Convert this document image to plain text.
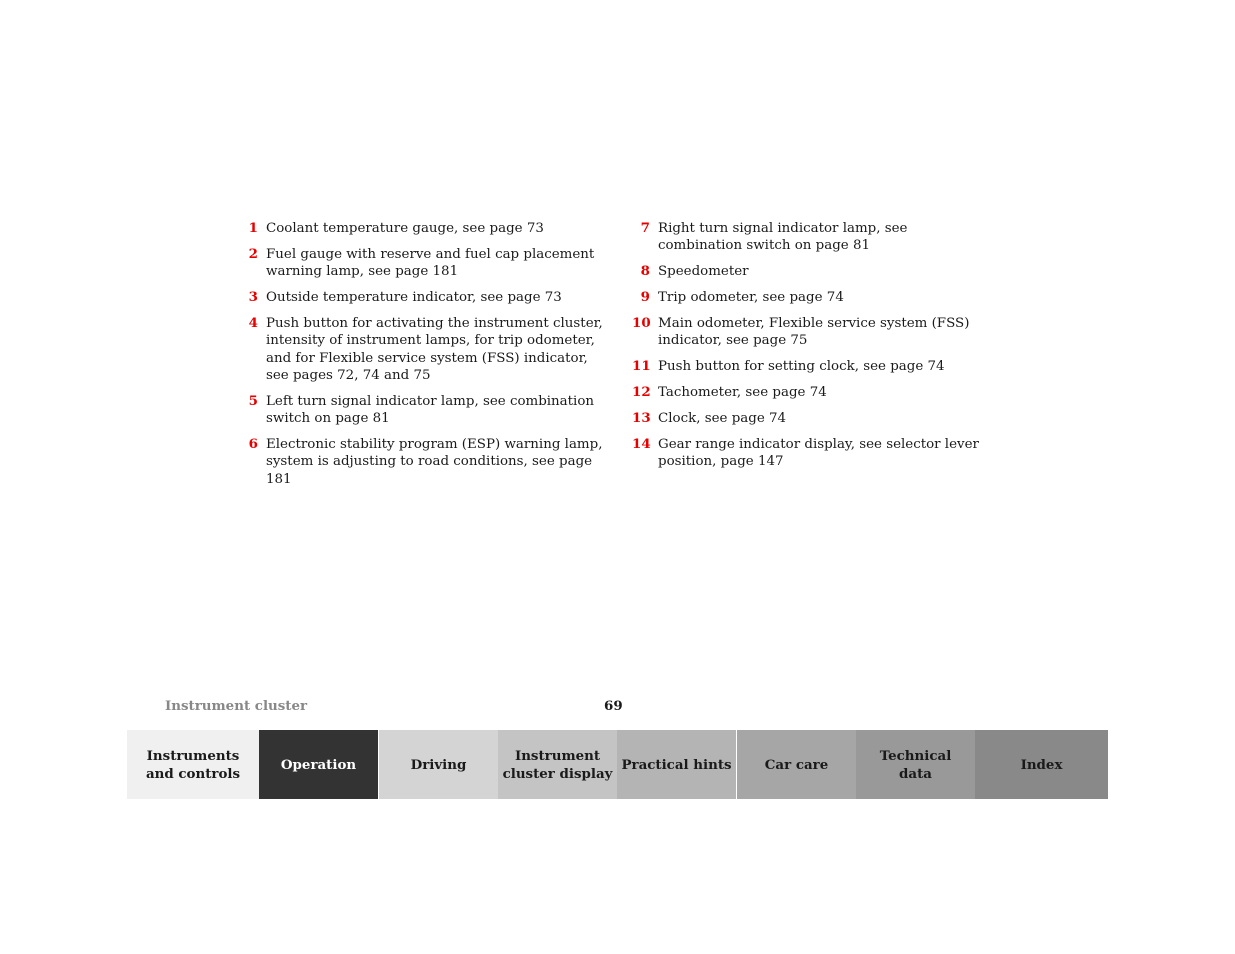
1 Coolant temperature gauge, see page 73
2 Fuel gauge with reserve and fuel cap placement warning lamp, see page 181
3 Outside temperature indicator, see page 73
4 Push button for activating the instrument cluster, intensity of instrument lamps, for trip odometer, and for Flexible service system (FSS) indicator, see pages 72, 74 and 75
5 Left turn signal indicator lamp, see combination switch on page 81
6 Electronic stability program (ESP) warning lamp, system is adjusting to road conditions, see page 181
7 Right turn signal indicator lamp, see combination switch on page 81
8 Speedometer
9 Trip odometer, see page 74
10 Main odometer, Flexible service system (FSS) indicator, see page 75
11 Push button for setting clock, see page 74
12 Tachometer, see page 74
13 Clock, see page 74
14 Gear range indicator display, see selector lever position, page 147
Instrument cluster	69
Instruments
and controls
Operation	Driving
Instrument
cluster display
Practical hints	Car care
Technical
data
Index
